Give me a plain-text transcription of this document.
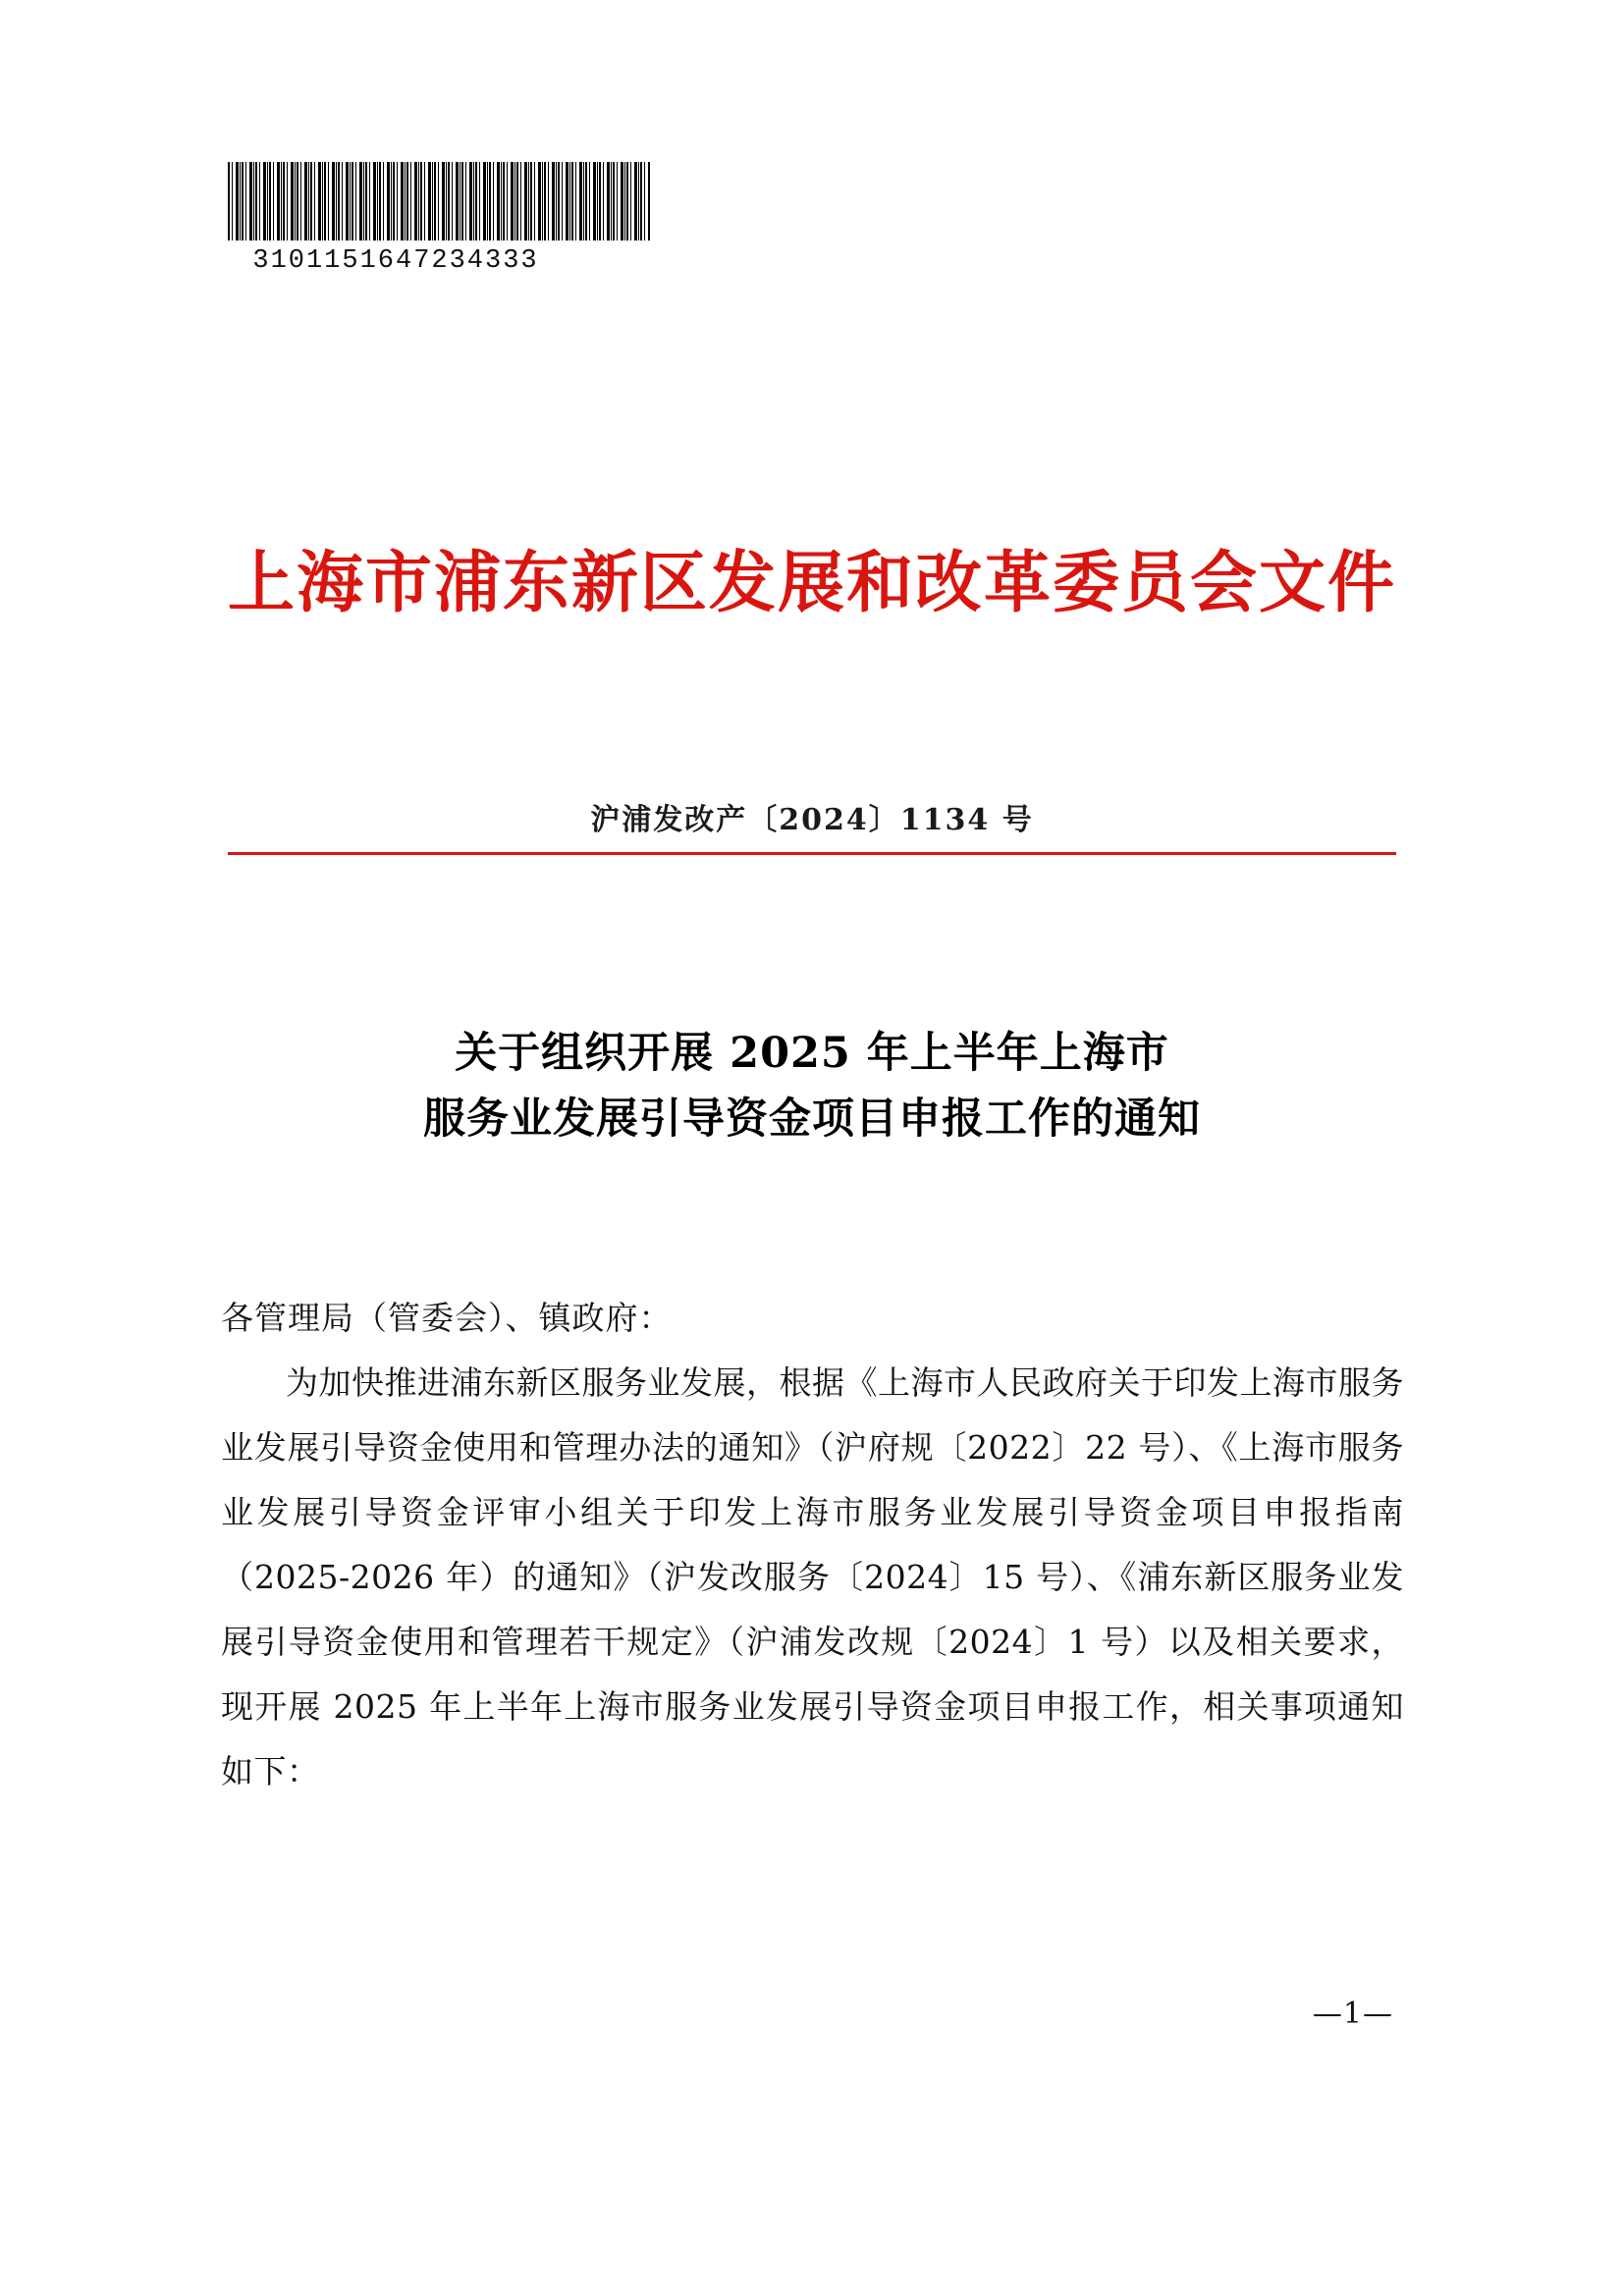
3101151647234333
上海市浦东新区发展和改革委员会文件
沪浦发改产〔2024〕1134 号
关于组织开展 2025 年上半年上海市
服务业发展引导资金项目申报工作的通知

各管理局（管委会）、镇政府：

为加快推进浦东新区服务业发展，根据《上海市人民政府关于印发上海市服务业发展引导资金使用和管理办法的通知》（沪府规〔2022〕22 号）、《上海市服务业发展引导资金评审小组关于印发上海市服务业发展引导资金项目申报指南（2025-2026 年）的通知》（沪发改服务〔2024〕15 号）、《浦东新区服务业发展引导资金使用和管理若干规定》（沪浦发改规〔2024〕1 号）以及相关要求，现开展 2025 年上半年上海市服务业发展引导资金项目申报工作，相关事项通知如下：

—1—
